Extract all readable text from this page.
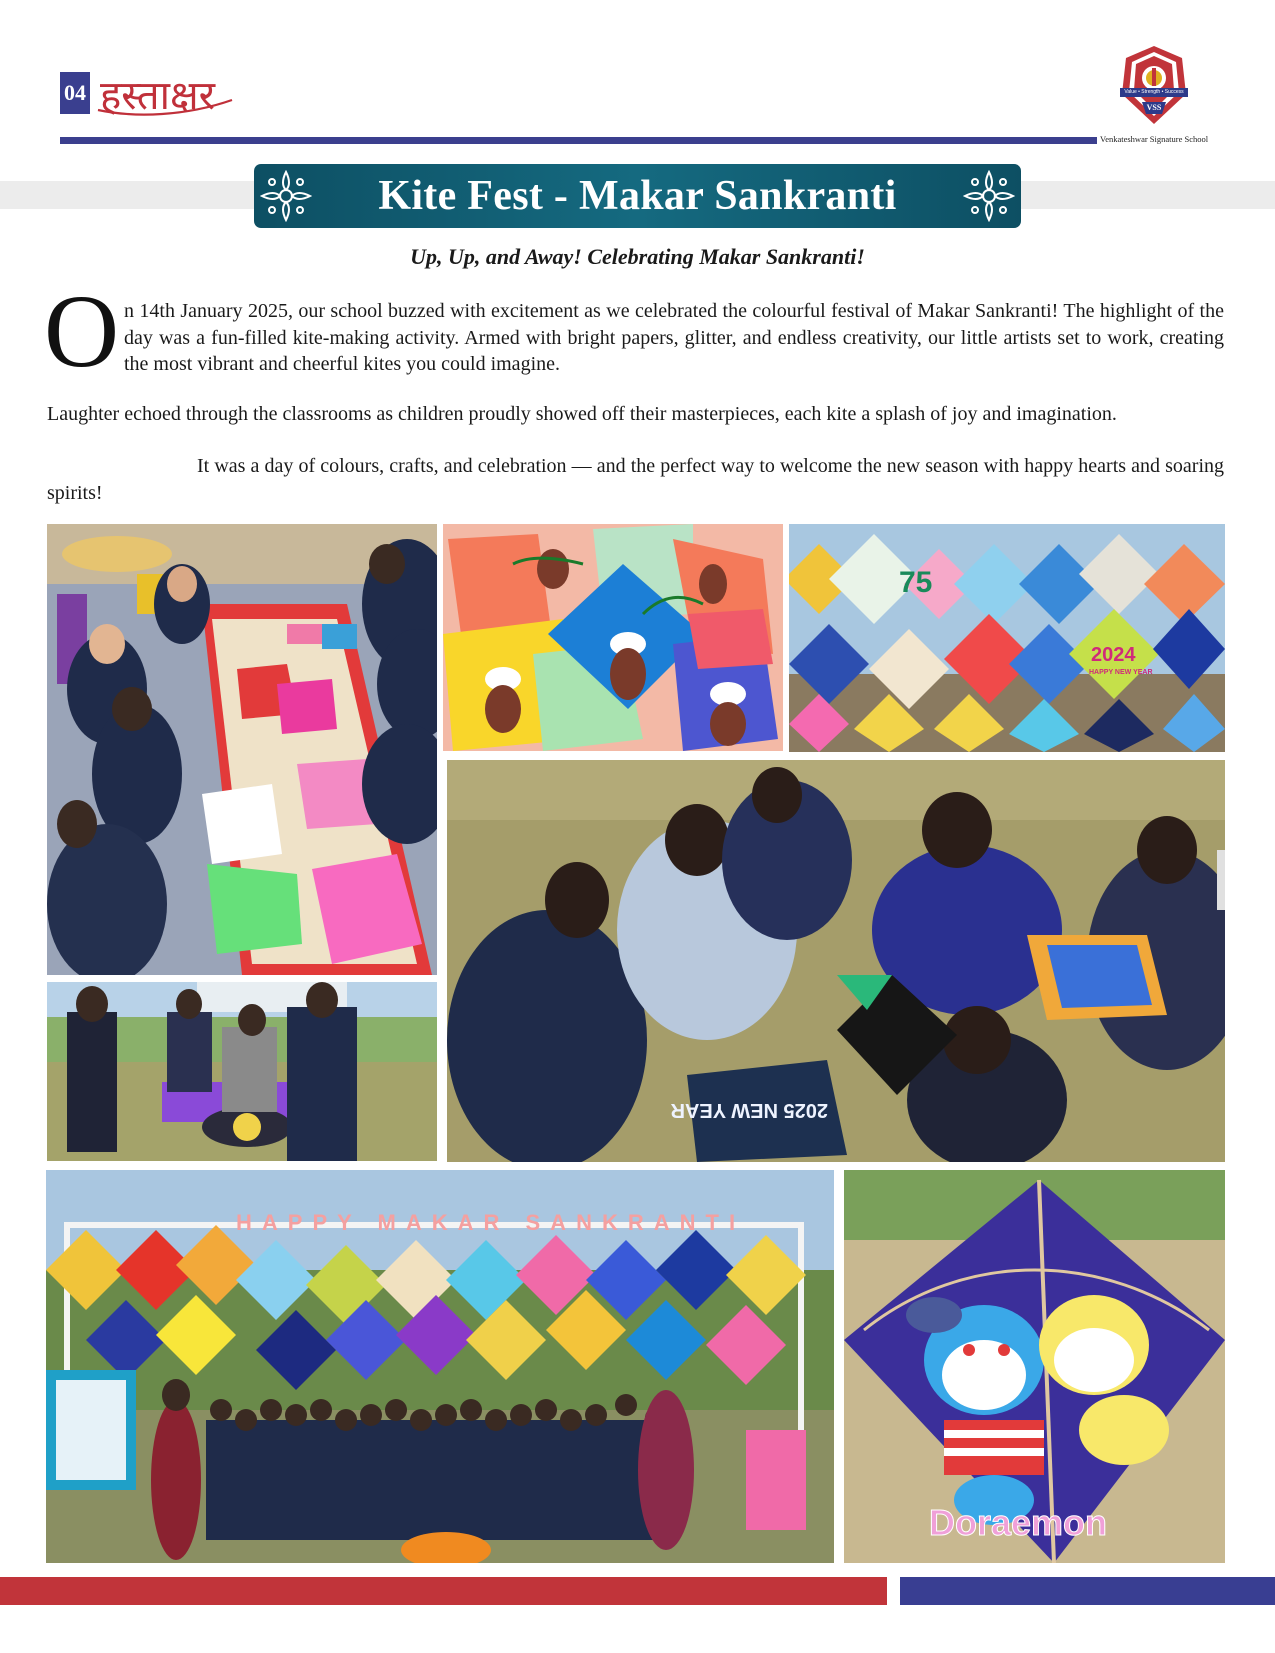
04 हस्ताक्षर	Value • Strength • Success
VSS
Venkateshwar Signature School
Kite Fest - Makar Sankranti
Up, Up, and Away! Celebrating Makar Sankranti!
O n 14th January 2025, our school buzzed with excitement as we celebrated the colourful festival of Makar Sankranti! The highlight of the day was a fun-filled kite-making activity. Armed with bright papers, glitter, and endless creativity, our little artists set to work, creating the most vibrant and cheerful kites you could imagine.
Laughter echoed through the classrooms as children proudly showed off their masterpieces, each kite a splash of joy and imagination.
It was a day of colours, crafts, and celebration — and the perfect way to welcome the new season with happy hearts and soaring spirits!
75
2024
HAPPY NEW YEAR
2025 NEW YEAR
HAPPY MAKAR SANKRANTI
Doraemon
